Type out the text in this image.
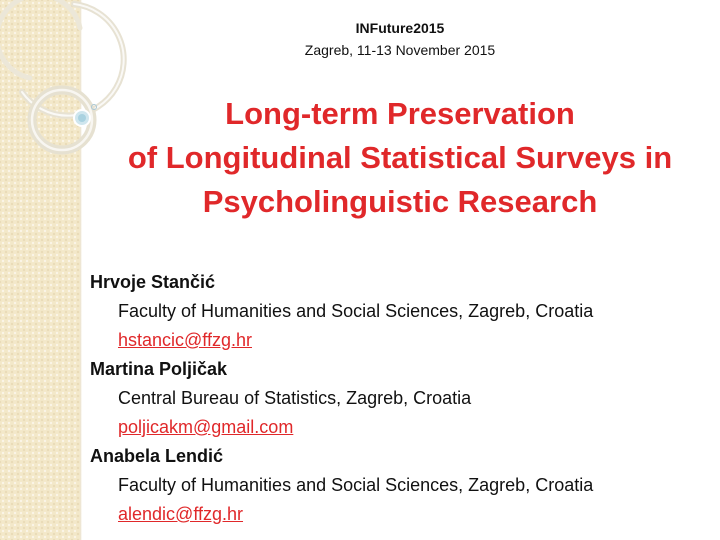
INFuture2015
Zagreb, 11-13 November 2015
Long-term Preservation
of Longitudinal Statistical Surveys in
Psycholinguistic Research
Hrvoje Stančić
Faculty of Humanities and Social Sciences, Zagreb, Croatia
hstancic@ffzg.hr
Martina Poljičak
Central Bureau of Statistics, Zagreb, Croatia
poljicakm@gmail.com
Anabela Lendić
Faculty of Humanities and Social Sciences, Zagreb, Croatia
alendic@ffzg.hr
